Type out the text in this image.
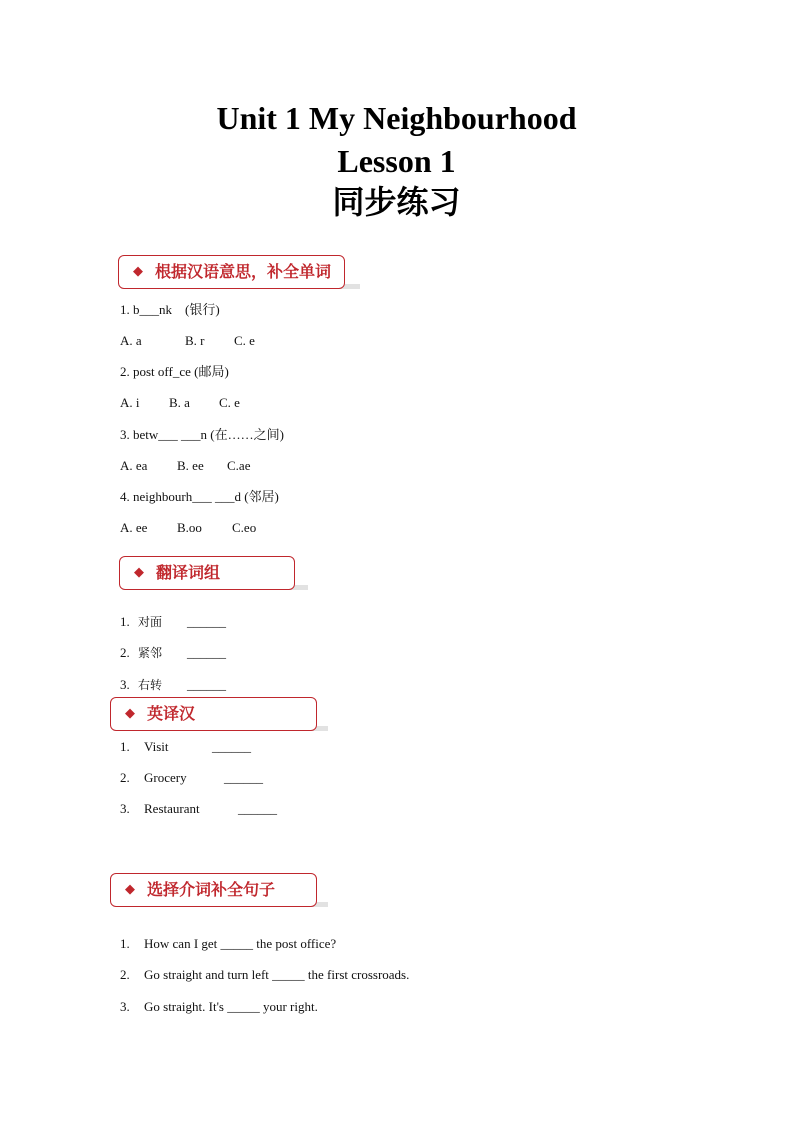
Unit 1 My Neighbourhood
Lesson 1
同步练习
◆ 根据汉语意思，补全单词
1. b___nk    (银行)
A. a	B. r C. e
2. post off_ce (邮局)
A. i B. a C. e
3. betw___ ___n (在……之间)
A. ea B. ee C.ae
4. neighbourh___ ___d (邻居)
A. ee B.oo C.eo
◆ 翻译词组
1. 对面 ______
2. 紧邻 ______
3. 右转 ______
◆ 英译汉
1. Visit	______
2. Grocery	______
3. Restaurant	______
◆ 选择介词补全句子
1. How can I get _____ the post office?
2. Go straight and turn left _____ the first crossroads.
3. Go straight. It's _____ your right.
